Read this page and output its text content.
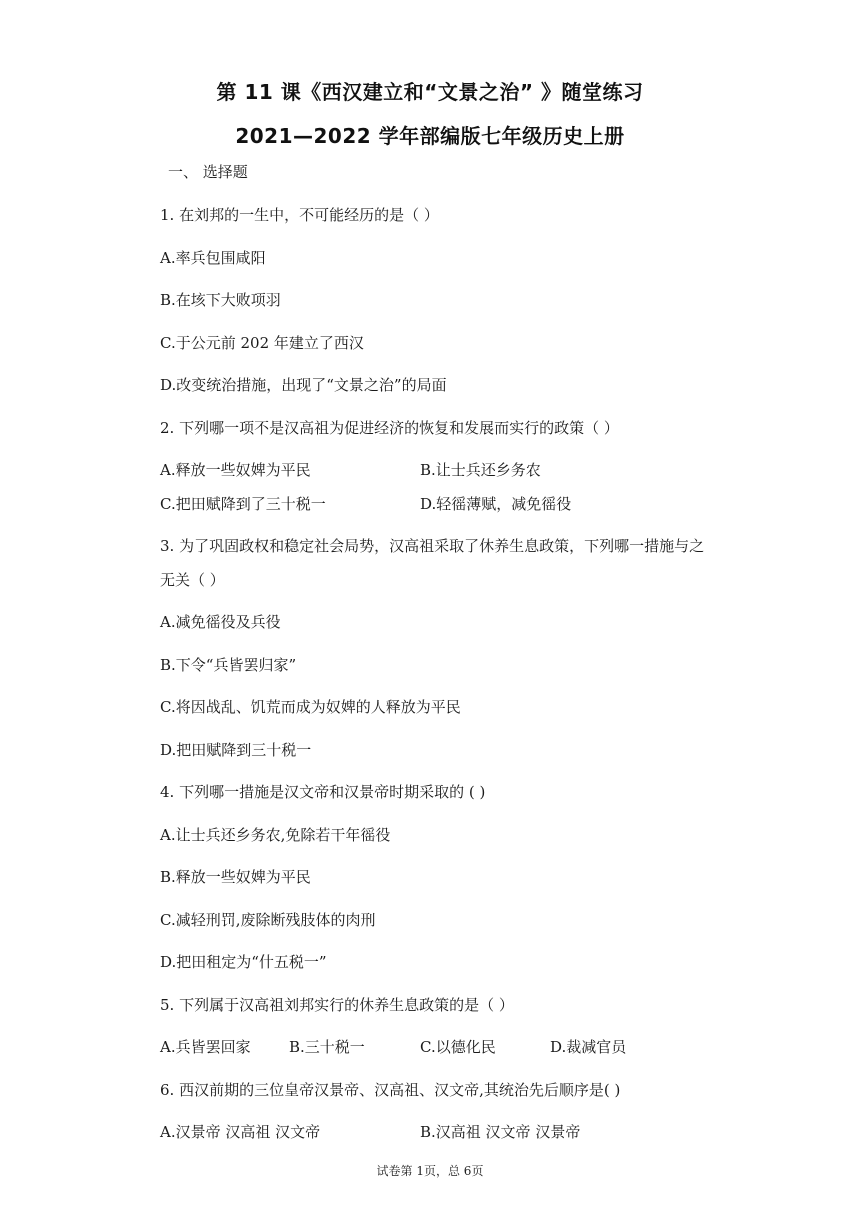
第 11 课《西汉建立和“文景之治” 》随堂练习
2021—2022 学年部编版七年级历史上册
一、 选择题
1. 在刘邦的一生中，不可能经历的是（ ）
A.率兵包围咸阳
B.在垓下大败项羽
C.于公元前 202 年建立了西汉
D.改变统治措施，出现了“文景之治”的局面
2. 下列哪一项不是汉高祖为促进经济的恢复和发展而实行的政策（ ）
A.释放一些奴婢为平民	B.让士兵还乡务农
C.把田赋降到了三十税一	D.轻徭薄赋，减免徭役
3. 为了巩固政权和稳定社会局势，汉高祖采取了休养生息政策，下列哪一措施与之
无关（ ）
A.减免徭役及兵役
B.下令“兵皆罢归家”
C.将因战乱、饥荒而成为奴婢的人释放为平民
D.把田赋降到三十税一
4. 下列哪一措施是汉文帝和汉景帝时期采取的 ( )
A.让士兵还乡务农,免除若干年徭役
B.释放一些奴婢为平民
C.减轻刑罚,废除断残肢体的肉刑
D.把田租定为“什五税一”
5. 下列属于汉高祖刘邦实行的休养生息政策的是（ ）
A.兵皆罢回家	B.三十税一	C.以德化民	D.裁减官员
6. 西汉前期的三位皇帝汉景帝、汉高祖、汉文帝,其统治先后顺序是( )
A.汉景帝 汉高祖 汉文帝	B.汉高祖 汉文帝 汉景帝
试卷第 1页，总 6页
